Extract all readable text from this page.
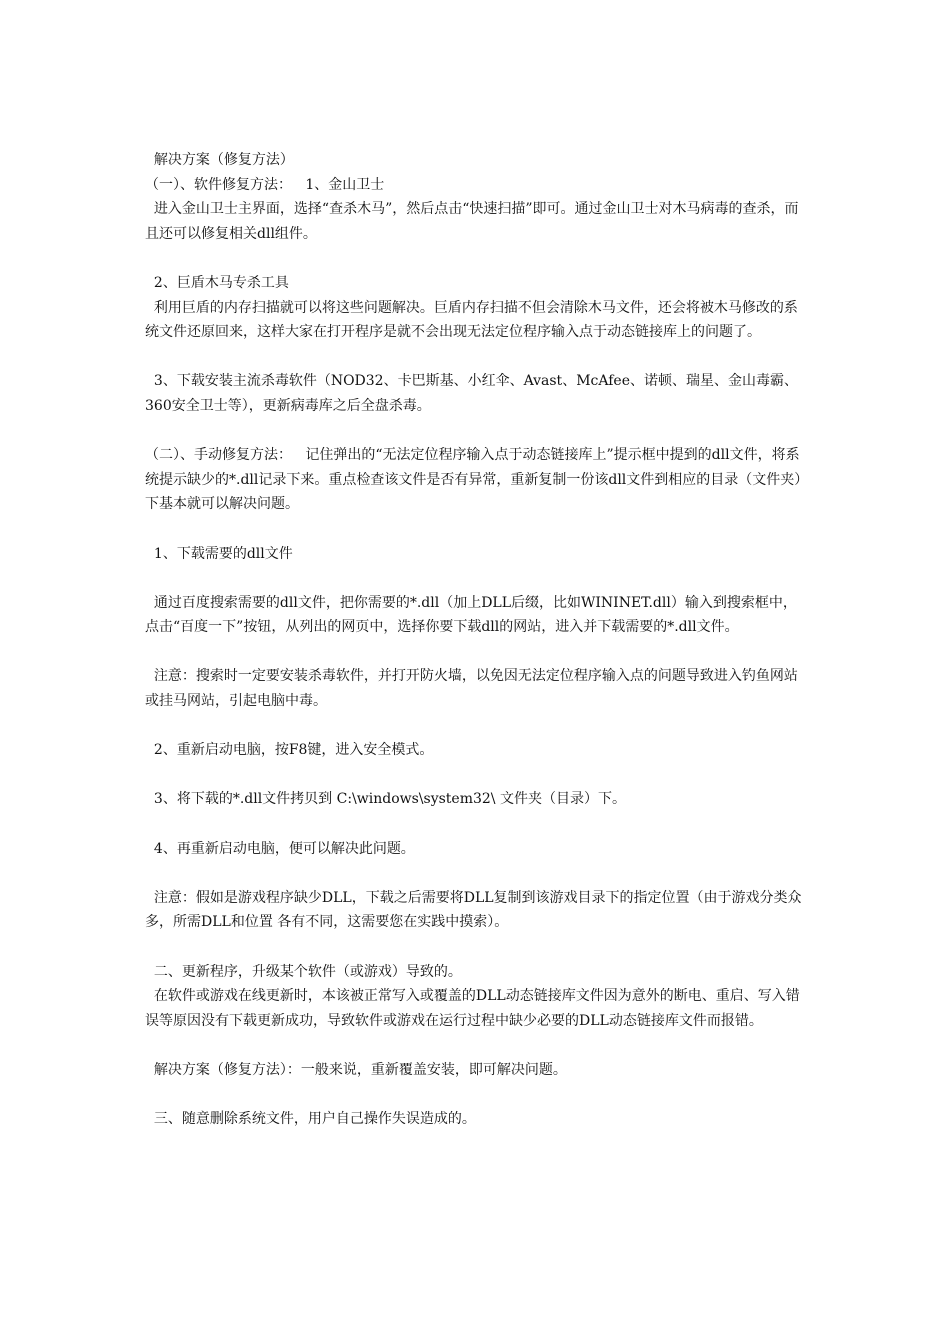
解决方案（修复方法）

（一）、软件修复方法：   1、金山卫士

进入金山卫士主界面，选择“查杀木马”，然后点击“快速扫描”即可。通过金山卫士对木马病毒的查杀，而且还可以修复相关dll组件。

2、巨盾木马专杀工具

利用巨盾的内存扫描就可以将这些问题解决。巨盾内存扫描不但会清除木马文件，还会将被木马修改的系统文件还原回来，这样大家在打开程序是就不会出现无法定位程序输入点于动态链接库上的问题了。

3、下载安装主流杀毒软件（NOD32、卡巴斯基、小红伞、Avast、McAfee、诺顿、瑞星、金山毒霸、360安全卫士等），更新病毒库之后全盘杀毒。

（二）、手动修复方法：   记住弹出的“无法定位程序输入点于动态链接库上”提示框中提到的dll文件，将系统提示缺少的*.dll记录下来。重点检查该文件是否有异常，重新复制一份该dll文件到相应的目录（文件夹）下基本就可以解决问题。

1、下载需要的dll文件

通过百度搜索需要的dll文件，把你需要的*.dll（加上DLL后缀，比如WININET.dll）输入到搜索框中，点击“百度一下”按钮，从列出的网页中，选择你要下载dll的网站，进入并下载需要的*.dll文件。

注意：搜索时一定要安装杀毒软件，并打开防火墙，以免因无法定位程序输入点的问题导致进入钓鱼网站或挂马网站，引起电脑中毒。

2、重新启动电脑，按F8键，进入安全模式。

3、将下载的*.dll文件拷贝到 C:\windows\system32\ 文件夹（目录）下。

4、再重新启动电脑，便可以解决此问题。

注意：假如是游戏程序缺少DLL，下载之后需要将DLL复制到该游戏目录下的指定位置（由于游戏分类众多，所需DLL和位置 各有不同，这需要您在实践中摸索）。

二、更新程序，升级某个软件（或游戏）导致的。

在软件或游戏在线更新时，本该被正常写入或覆盖的DLL动态链接库文件因为意外的断电、重启、写入错误等原因没有下载更新成功，导致软件或游戏在运行过程中缺少必要的DLL动态链接库文件而报错。

解决方案（修复方法）：一般来说，重新覆盖安装，即可解决问题。

三、随意删除系统文件，用户自己操作失误造成的。
